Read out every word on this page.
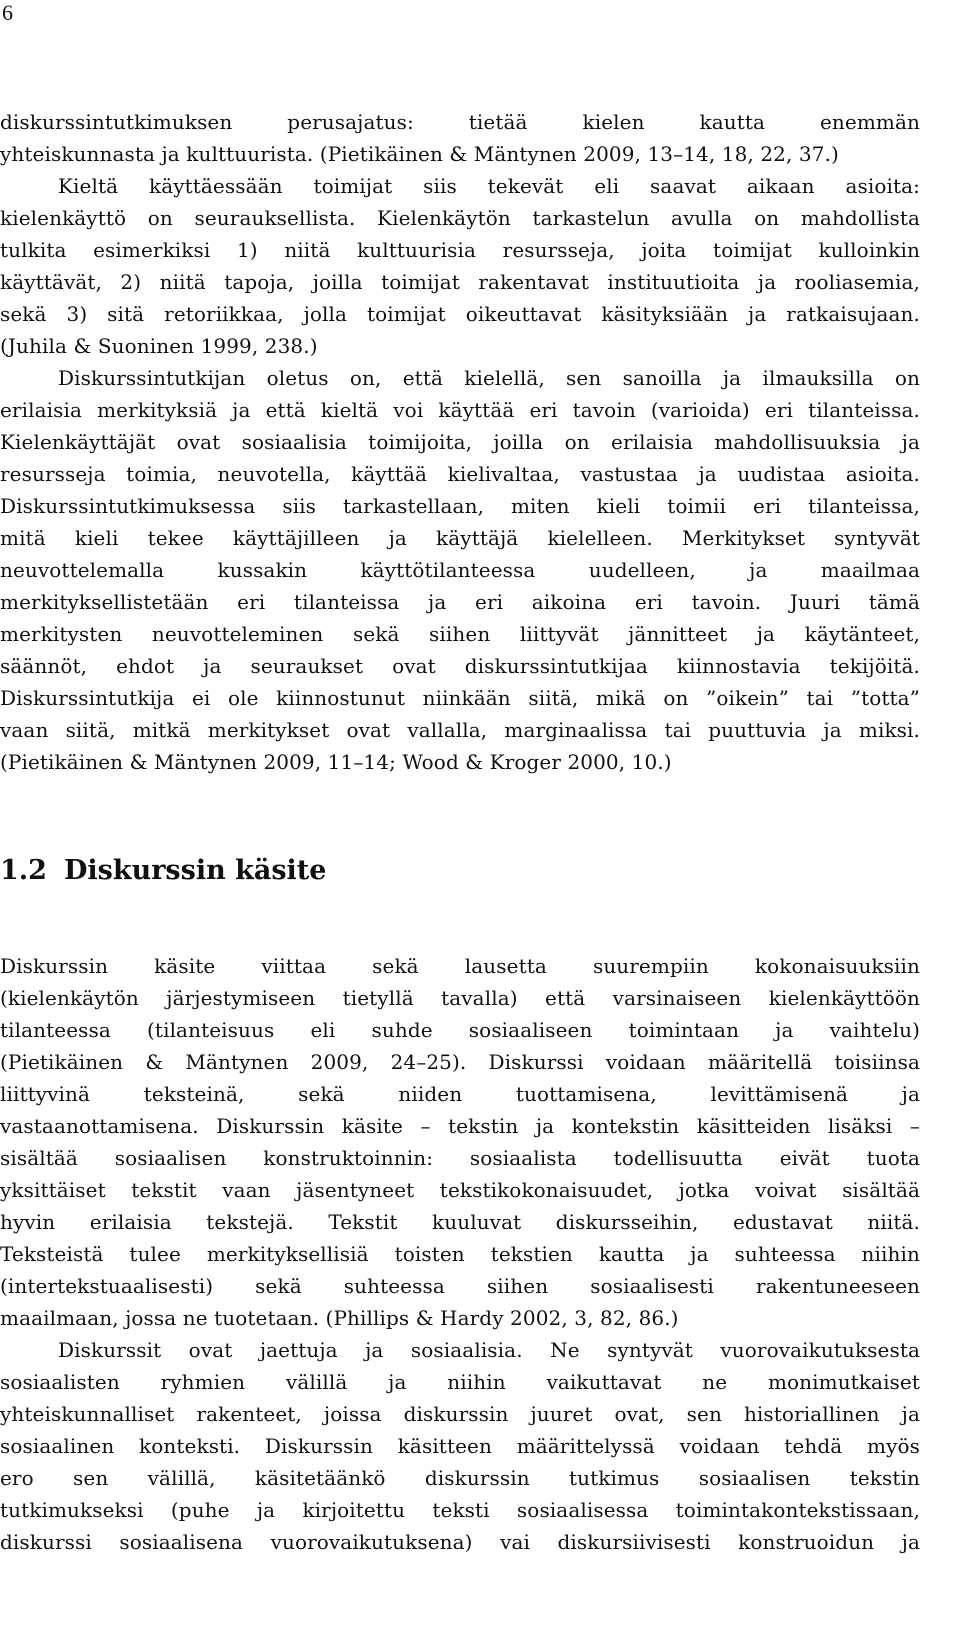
6
diskurssintutkimuksen perusajatus: tietää kielen kautta enemmän
yhteiskunnasta ja kulttuurista. (Pietikäinen & Mäntynen 2009, 13–14, 18, 22, 37.)
Kieltä käyttäessään toimijat siis tekevät eli saavat aikaan asioita:
kielenkäyttö on seurauksellista. Kielenkäytön tarkastelun avulla on mahdollista
tulkita esimerkiksi 1) niitä kulttuurisia resursseja, joita toimijat kulloinkin
käyttävät, 2) niitä tapoja, joilla toimijat rakentavat instituutioita ja rooliasemia,
sekä 3) sitä retoriikkaa, jolla toimijat oikeuttavat käsityksiään ja ratkaisujaan.
(Juhila & Suoninen 1999, 238.)
Diskurssintutkijan oletus on, että kielellä, sen sanoilla ja ilmauksilla on
erilaisia merkityksiä ja että kieltä voi käyttää eri tavoin (varioida) eri tilanteissa.
Kielenkäyttäjät ovat sosiaalisia toimijoita, joilla on erilaisia mahdollisuuksia ja
resursseja toimia, neuvotella, käyttää kielivaltaa, vastustaa ja uudistaa asioita.
Diskurssintutkimuksessa siis tarkastellaan, miten kieli toimii eri tilanteissa,
mitä kieli tekee käyttäjilleen ja käyttäjä kielelleen. Merkitykset syntyvät
neuvottelemalla kussakin käyttötilanteessa uudelleen, ja maailmaa
merkityksellistetään eri tilanteissa ja eri aikoina eri tavoin. Juuri tämä
merkitysten neuvotteleminen sekä siihen liittyvät jännitteet ja käytänteet,
säännöt, ehdot ja seuraukset ovat diskurssintutkijaa kiinnostavia tekijöitä.
Diskurssintutkija ei ole kiinnostunut niinkään siitä, mikä on ”oikein” tai ”totta”
vaan siitä, mitkä merkitykset ovat vallalla, marginaalissa tai puuttuvia ja miksi.
(Pietikäinen & Mäntynen 2009, 11–14; Wood & Kroger 2000, 10.)
1.2 Diskurssin käsite
Diskurssin käsite viittaa sekä lausetta suurempiin kokonaisuuksiin
(kielenkäytön järjestymiseen tietyllä tavalla) että varsinaiseen kielenkäyttöön
tilanteessa (tilanteisuus eli suhde sosiaaliseen toimintaan ja vaihtelu)
(Pietikäinen & Mäntynen 2009, 24–25). Diskurssi voidaan määritellä toisiinsa
liittyvinä teksteinä, sekä niiden tuottamisena, levittämisenä ja
vastaanottamisena. Diskurssin käsite – tekstin ja kontekstin käsitteiden lisäksi –
sisältää sosiaalisen konstruktoinnin: sosiaalista todellisuutta eivät tuota
yksittäiset tekstit vaan jäsentyneet tekstikokonaisuudet, jotka voivat sisältää
hyvin erilaisia tekstejä. Tekstit kuuluvat diskursseihin, edustavat niitä.
Teksteistä tulee merkityksellisiä toisten tekstien kautta ja suhteessa niihin
(intertekstuaalisesti) sekä suhteessa siihen sosiaalisesti rakentuneeseen
maailmaan, jossa ne tuotetaan. (Phillips & Hardy 2002, 3, 82, 86.)
Diskurssit ovat jaettuja ja sosiaalisia. Ne syntyvät vuorovaikutuksesta
sosiaalisten ryhmien välillä ja niihin vaikuttavat ne monimutkaiset
yhteiskunnalliset rakenteet, joissa diskurssin juuret ovat, sen historiallinen ja
sosiaalinen konteksti. Diskurssin käsitteen määrittelyssä voidaan tehdä myös
ero sen välillä, käsitetäänkö diskurssin tutkimus sosiaalisen tekstin
tutkimukseksi (puhe ja kirjoitettu teksti sosiaalisessa toimintakontekstissaan,
diskurssi sosiaalisena vuorovaikutuksena) vai diskursiivisesti konstruoidun ja
